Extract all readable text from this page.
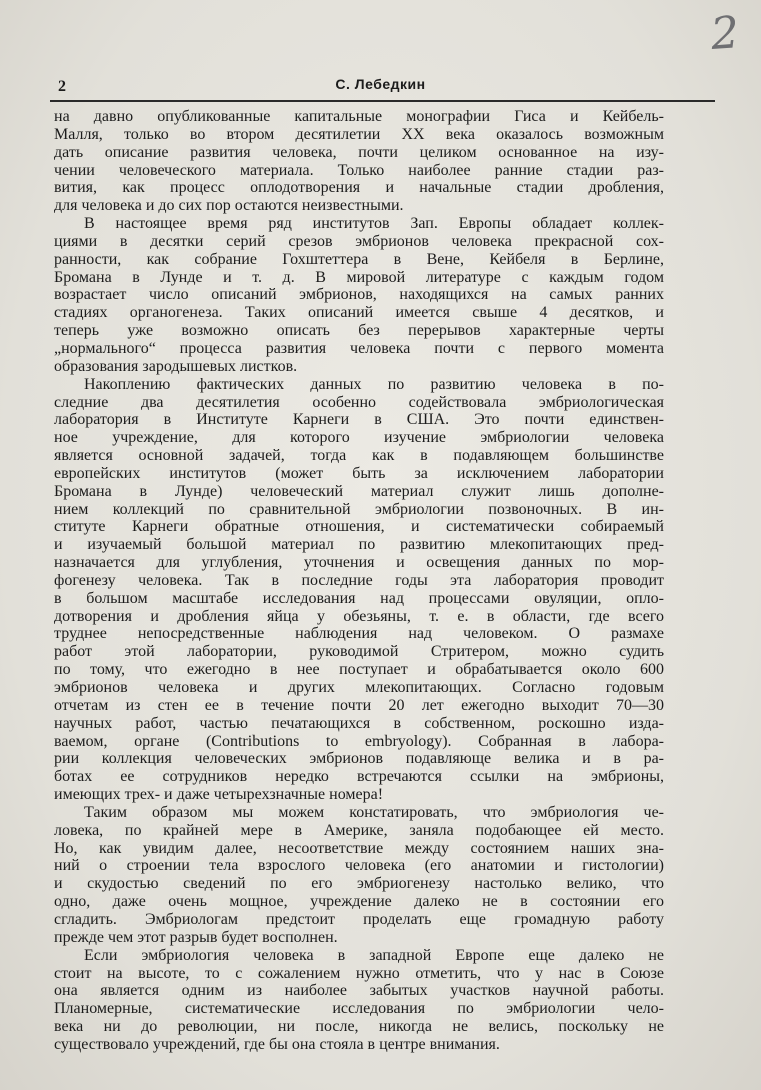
2
2	С. Лебедкин
на давно опубликованные капитальные монографии Гиса и Кейбель-
Малля, только во втором десятилетии XX века оказалось возможным
дать описание развития человека, почти целиком основанное на изу-
чении человеческого материала. Только наиболее ранние стадии раз-
вития, как процесс оплодотворения и начальные стадии дробления,
для человека и до сих пор остаются неизвестными.
В настоящее время ряд институтов Зап. Европы обладает коллек-
циями в десятки серий срезов эмбрионов человека прекрасной сох-
ранности, как собрание Гохштеттера в Вене, Кейбеля в Берлине,
Бромана в Лунде и т. д. В мировой литературе с каждым годом
возрастает число описаний эмбрионов, находящихся на самых ранних
стадиях органогенеза. Таких описаний имеется свыше 4 десятков, и
теперь уже возможно описать без перерывов характерные черты
„нормального“ процесса развития человека почти с первого момента
образования зародышевых листков.
Накоплению фактических данных по развитию человека в по-
следние два десятилетия особенно содействовала эмбриологическая
лаборатория в Институте Карнеги в США. Это почти единствен-
ное учреждение, для которого изучение эмбриологии человека
является основной задачей, тогда как в подавляющем большинстве
европейских институтов (может быть за исключением лаборатории
Бромана в Лунде) человеческий материал служит лишь дополне-
нием коллекций по сравнительной эмбриологии позвоночных. В ин-
ституте Карнеги обратные отношения, и систематически собираемый
и изучаемый большой материал по развитию млекопитающих пред-
назначается для углубления, уточнения и освещения данных по мор-
фогенезу человека. Так в последние годы эта лаборатория проводит
в большом масштабе исследования над процессами овуляции, опло-
дотворения и дробления яйца у обезьяны, т. е. в области, где всего
труднее непосредственные наблюдения над человеком. О размахе
работ этой лаборатории, руководимой Стритером, можно судить
по тому, что ежегодно в нее поступает и обрабатывается около 600
эмбрионов человека и других млекопитающих. Согласно годовым
отчетам из стен ее в течение почти 20 лет ежегодно выходит 70—30
научных работ, частью печатающихся в собственном, роскошно изда-
ваемом, органе (Contributions to embryology). Собранная в лабора-
рии коллекция человеческих эмбрионов подавляюще велика и в ра-
ботах ее сотрудников нередко встречаются ссылки на эмбрионы,
имеющих трех- и даже четырехзначные номера!
Таким образом мы можем констатировать, что эмбриология че-
ловека, по крайней мере в Америке, заняла подобающее ей место.
Но, как увидим далее, несоответствие между состоянием наших зна-
ний о строении тела взрослого человека (его анатомии и гистологии)
и скудостью сведений по его эмбриогенезу настолько велико, что
одно, даже очень мощное, учреждение далеко не в состоянии его
сгладить. Эмбриологам предстоит проделать еще громадную работу
прежде чем этот разрыв будет восполнен.
Если эмбриология человека в западной Европе еще далеко не
стоит на высоте, то с сожалением нужно отметить, что у нас в Союзе
она является одним из наиболее забытых участков научной работы.
Планомерные, систематические исследования по эмбриологии чело-
века ни до революции, ни после, никогда не велись, поскольку не
существовало учреждений, где бы она стояла в центре внимания.
